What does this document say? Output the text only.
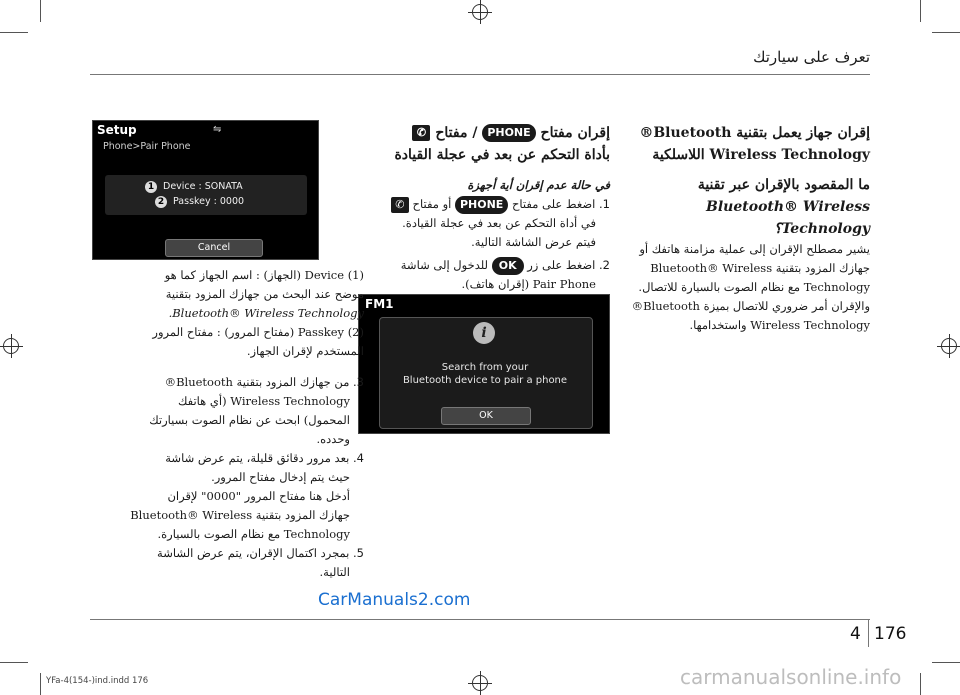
تعرف على سيارتك

إقران جهاز يعمل بتقنية Bluetooth®

Wireless Technology اللاسلكية

ما المقصود بالإقران عبر تقنية

Bluetooth® Wireless Technology؟

يشير مصطلح الإقران إلى عملية مزامنة هاتفك أو

جهازك المزود بتقنية Bluetooth® Wireless

Technology مع نظام الصوت بالسيارة للاتصال.

والإقران أمر ضروري للاتصال بميزة Bluetooth®

Wireless Technology واستخدامها.

إقران مفتاح PHONE / مفتاح ✆

بأداة التحكم عن بعد في عجلة القيادة

في حالة عدم إقران أية أجهزة

1. اضغط على مفتاح PHONE أو مفتاح ✆

في أداة التحكم عن بعد في عجلة القيادة.

فيتم عرض الشاشة التالية.

2. اضغط على زر OK للدخول إلى شاشة

Pair Phone (إقران هاتف).

FM1
i
Search from your
Bluetooth device to pair a phone
OK
Setup	⇋
Phone>Pair Phone
1 Device : SONATA
2 Passkey : 0000
Cancel

Device (1) (الجهاز) : اسم الجهاز كما هو

موضح عند البحث من جهازك المزود بتقنية

Bluetooth® Wireless Technology.

Passkey (2) (مفتاح المرور) : مفتاح المرور

المستخدم لإقران الجهاز.

3. من جهازك المزود بتقنية Bluetooth®

Wireless Technology (أي هاتفك

المحمول) ابحث عن نظام الصوت بسيارتك

وحدده.

4. بعد مرور دقائق قليلة، يتم عرض شاشة

حيث يتم إدخال مفتاح المرور.

أدخل هنا مفتاح المرور "0000" لإقران

جهازك المزود بتقنية Bluetooth® Wireless

Technology مع نظام الصوت بالسيارة.

5. بمجرد اكتمال الإقران، يتم عرض الشاشة

التالية.

CarManuals2.com
4 176
YFa-4(154-)ind.indd 176	carmanualsonline.info
